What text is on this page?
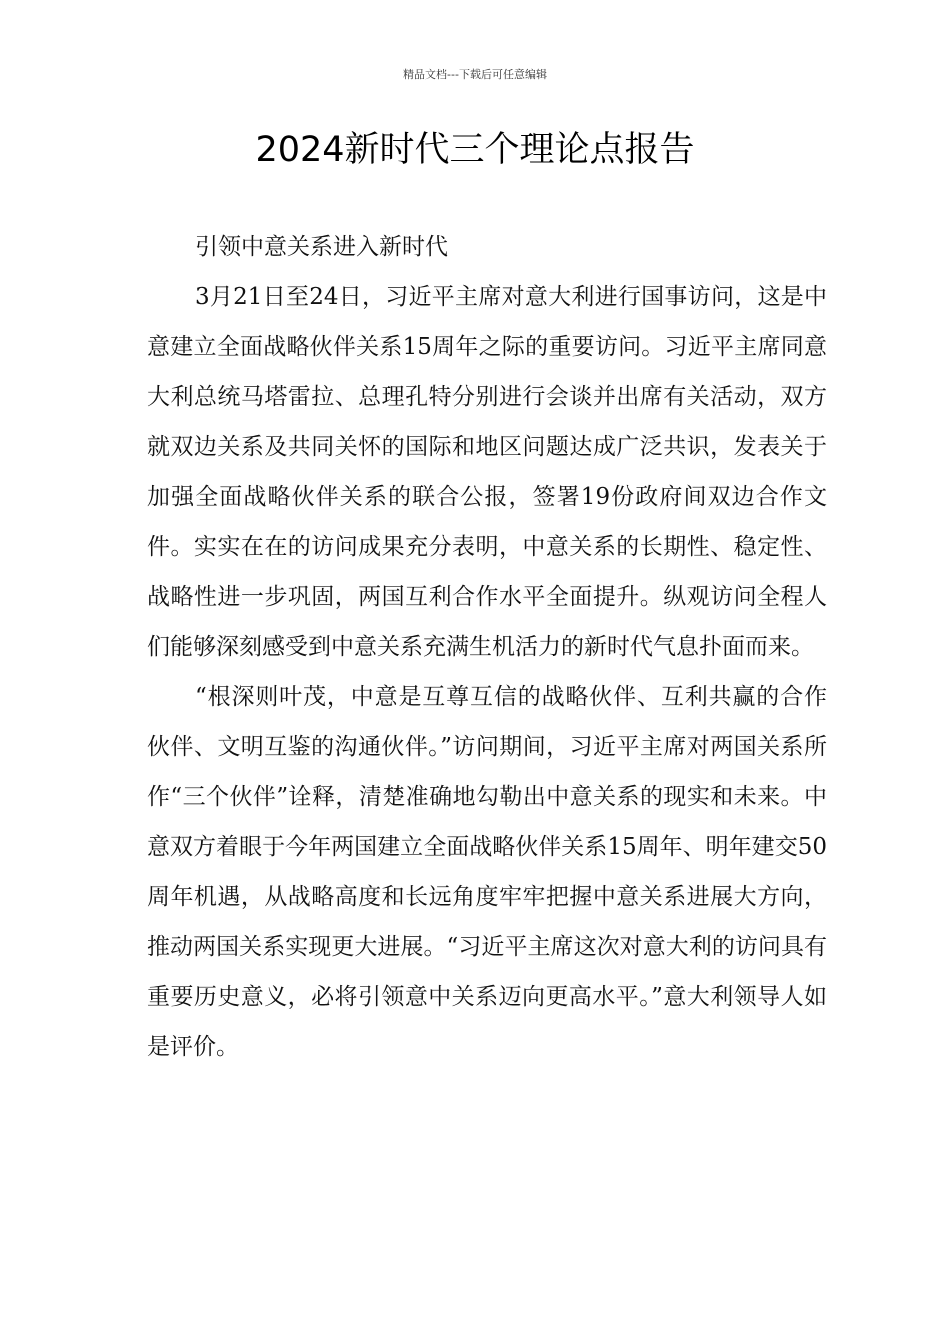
精品文档---下载后可任意编辑
2024新时代三个理论点报告

引领中意关系进入新时代

3月21日至24日，习近平主席对意大利进行国事访问，这是中意建立全面战略伙伴关系15周年之际的重要访问。习近平主席同意大利总统马塔雷拉、总理孔特分别进行会谈并出席有关活动，双方就双边关系及共同关怀的国际和地区问题达成广泛共识，发表关于加强全面战略伙伴关系的联合公报，签署19份政府间双边合作文件。实实在在的访问成果充分表明，中意关系的长期性、稳定性、战略性进一步巩固，两国互利合作水平全面提升。纵观访问全程人们能够深刻感受到中意关系充满生机活力的新时代气息扑面而来。

“根深则叶茂，中意是互尊互信的战略伙伴、互利共赢的合作伙伴、文明互鉴的沟通伙伴。”访问期间，习近平主席对两国关系所作“三个伙伴”诠释，清楚准确地勾勒出中意关系的现实和未来。中意双方着眼于今年两国建立全面战略伙伴关系15周年、明年建交50周年机遇，从战略高度和长远角度牢牢把握中意关系进展大方向，推动两国关系实现更大进展。“习近平主席这次对意大利的访问具有重要历史意义，必将引领意中关系迈向更高水平。”意大利领导人如是评价。
